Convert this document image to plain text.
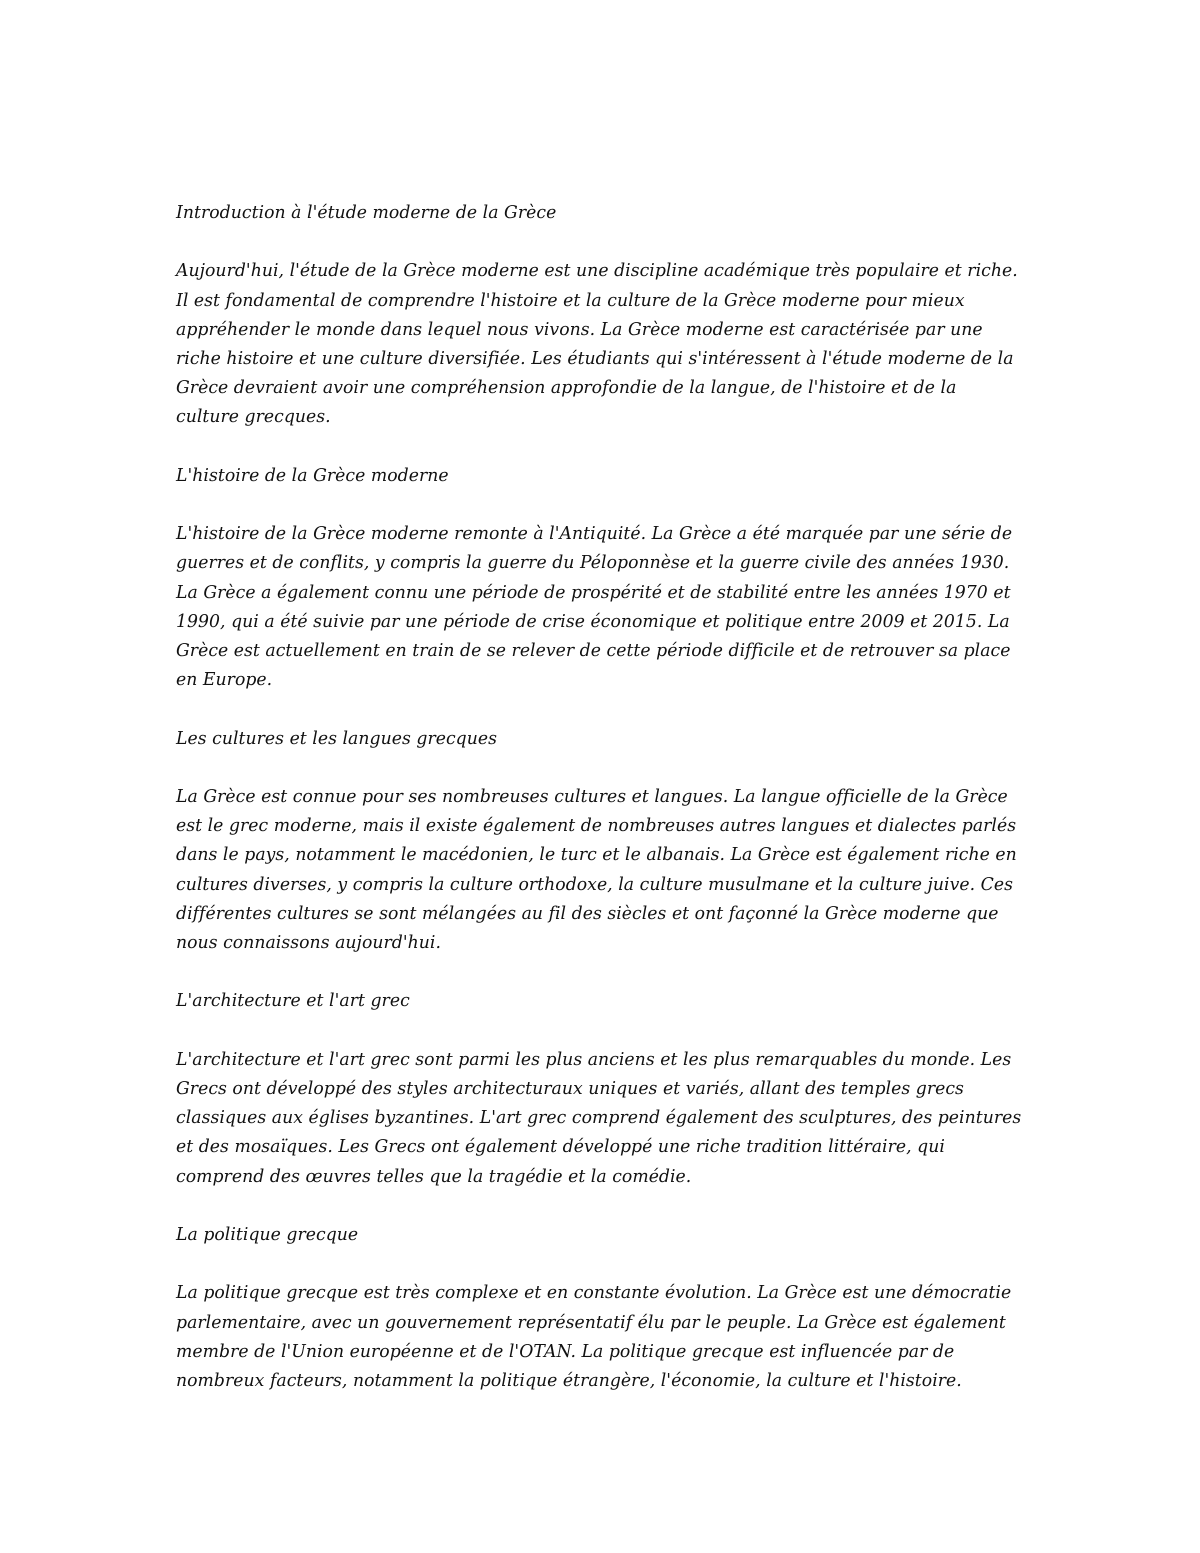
Introduction à l'étude moderne de la Grèce
Aujourd'hui, l'étude de la Grèce moderne est une discipline académique très populaire et riche.
Il est fondamental de comprendre l'histoire et la culture de la Grèce moderne pour mieux
appréhender le monde dans lequel nous vivons. La Grèce moderne est caractérisée par une
riche histoire et une culture diversifiée. Les étudiants qui s'intéressent à l'étude moderne de la
Grèce devraient avoir une compréhension approfondie de la langue, de l'histoire et de la
culture grecques.
L'histoire de la Grèce moderne
L'histoire de la Grèce moderne remonte à l'Antiquité. La Grèce a été marquée par une série de
guerres et de conflits, y compris la guerre du Péloponnèse et la guerre civile des années 1930.
La Grèce a également connu une période de prospérité et de stabilité entre les années 1970 et
1990, qui a été suivie par une période de crise économique et politique entre 2009 et 2015. La
Grèce est actuellement en train de se relever de cette période difficile et de retrouver sa place
en Europe.
Les cultures et les langues grecques
La Grèce est connue pour ses nombreuses cultures et langues. La langue officielle de la Grèce
est le grec moderne, mais il existe également de nombreuses autres langues et dialectes parlés
dans le pays, notamment le macédonien, le turc et le albanais. La Grèce est également riche en
cultures diverses, y compris la culture orthodoxe, la culture musulmane et la culture juive. Ces
différentes cultures se sont mélangées au fil des siècles et ont façonné la Grèce moderne que
nous connaissons aujourd'hui.
L'architecture et l'art grec
L'architecture et l'art grec sont parmi les plus anciens et les plus remarquables du monde. Les
Grecs ont développé des styles architecturaux uniques et variés, allant des temples grecs
classiques aux églises byzantines. L'art grec comprend également des sculptures, des peintures
et des mosaïques. Les Grecs ont également développé une riche tradition littéraire, qui
comprend des œuvres telles que la tragédie et la comédie.
La politique grecque
La politique grecque est très complexe et en constante évolution. La Grèce est une démocratie
parlementaire, avec un gouvernement représentatif élu par le peuple. La Grèce est également
membre de l'Union européenne et de l'OTAN. La politique grecque est influencée par de
nombreux facteurs, notamment la politique étrangère, l'économie, la culture et l'histoire.
